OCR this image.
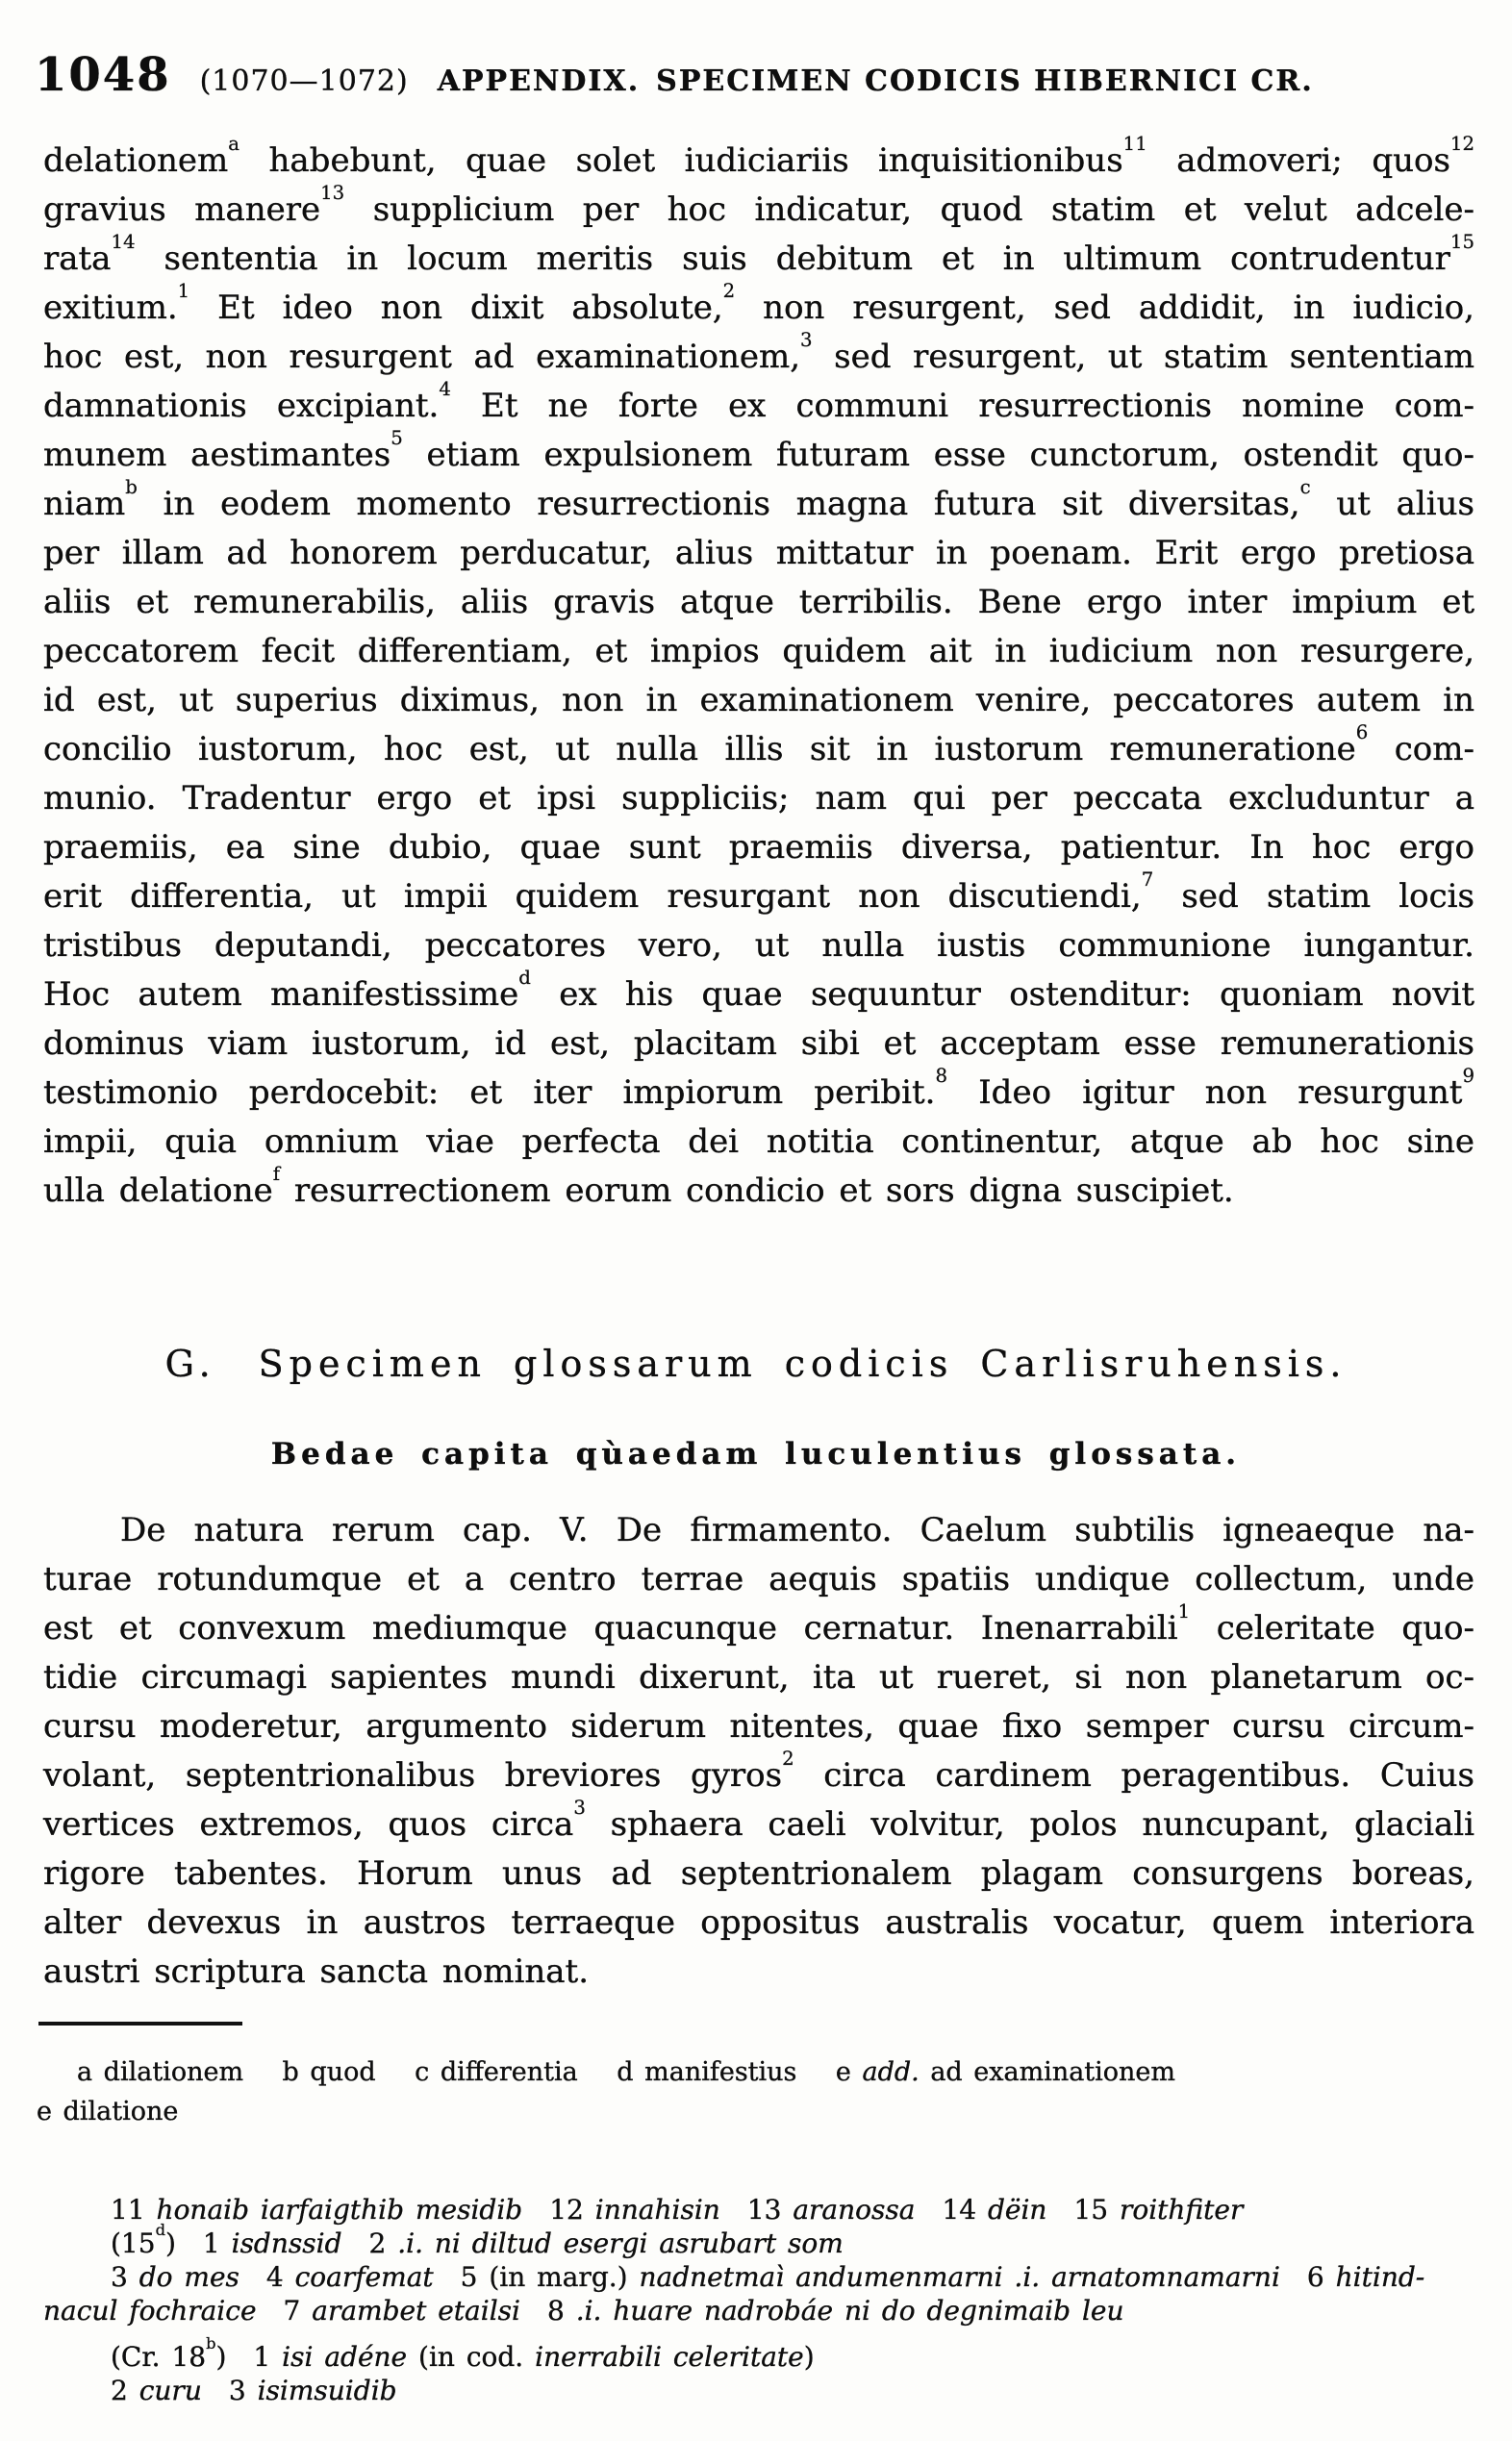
1048 (1070—1072) APPENDIX. SPECIMEN CODICIS HIBERNICI CR.
delationem$^a$ habebunt, quae solet iudiciariis inquisitionibus$^{11}$ admoveri; quos$^{12}$
gravius manere$^{13}$ supplicium per hoc indicatur, quod statim et velut adcele-
rata$^{14}$ sententia in locum meritis suis debitum et in ultimum contrudentur$^{15}$
exitium.$^1$ Et ideo non dixit absolute,$^2$ non resurgent, sed addidit, in iudicio,
hoc est, non resurgent ad examinationem,$^3$ sed resurgent, ut statim sententiam
damnationis excipiant.$^4$ Et ne forte ex communi resurrectionis nomine com-
munem aestimantes$^5$ etiam expulsionem futuram esse cunctorum, ostendit quo-
niam$^b$ in eodem momento resurrectionis magna futura sit diversitas,$^c$ ut alius
per illam ad honorem perducatur, alius mittatur in poenam. Erit ergo pretiosa
aliis et remunerabilis, aliis gravis atque terribilis. Bene ergo inter impium et
peccatorem fecit differentiam, et impios quidem ait in iudicium non resurgere,
id est, ut superius diximus, non in examinationem venire, peccatores autem in
concilio iustorum, hoc est, ut nulla illis sit in iustorum remuneratione$^6$ com-
munio. Tradentur ergo et ipsi suppliciis; nam qui per peccata excluduntur a
praemiis, ea sine dubio, quae sunt praemiis diversa, patientur. In hoc ergo
erit differentia, ut impii quidem resurgant non discutiendi,$^7$ sed statim locis
tristibus deputandi, peccatores vero, ut nulla iustis communione iungantur.
Hoc autem manifestissime$^d$ ex his quae sequuntur ostenditur: quoniam novit
dominus viam iustorum, id est, placitam sibi et acceptam esse remunerationis
testimonio perdocebit: et iter impiorum peribit.$^8$ Ideo igitur non resurgunt$^9$
impii, quia omnium viae perfecta dei notitia continentur, atque ab hoc sine
ulla delatione$^f$ resurrectionem eorum condicio et sors digna suscipiet.
G. Specimen glossarum codicis Carlisruhensis.
Bedae capita qùaedam luculentius glossata.
De natura rerum cap. V. De firmamento. Caelum subtilis igneaeque na-
turae rotundumque et a centro terrae aequis spatiis undique collectum, unde
est et convexum mediumque quacunque cernatur. Inenarrabili$^1$ celeritate quo-
tidie circumagi sapientes mundi dixerunt, ita ut rueret, si non planetarum oc-
cursu moderetur, argumento siderum nitentes, quae fixo semper cursu circum-
volant, septentrionalibus breviores gyros$^2$ circa cardinem peragentibus. Cuius
vertices extremos, quos circa$^3$ sphaera caeli volvitur, polos nuncupant, glaciali
rigore tabentes. Horum unus ad septentrionalem plagam consurgens boreas,
alter devexus in austros terraeque oppositus australis vocatur, quem interiora
austri scriptura sancta nominat.
a dilationem   b quod   c differentia   d manifestius   e add. ad examinationem
e dilatione
11 honaib iarfaigthib mesidib  12 innahisin  13 aranossa  14 dëin  15 roithfiter
(15$^d$)  1 isdnssid  2 .i. ni diltud esergi asrubart som
3 do mes  4 coarfemat  5 (in marg.) nadnetmaì andumenmarni .i. arnatomnamarni  6 hitind-
nacul fochraice  7 arambet etailsi  8 .i. huare nadrobáe ni do degnimaib leu
(Cr. 18$^b$)  1 isi adéne (in cod. inerrabili celeritate)
2 curu  3 isimsuidib
